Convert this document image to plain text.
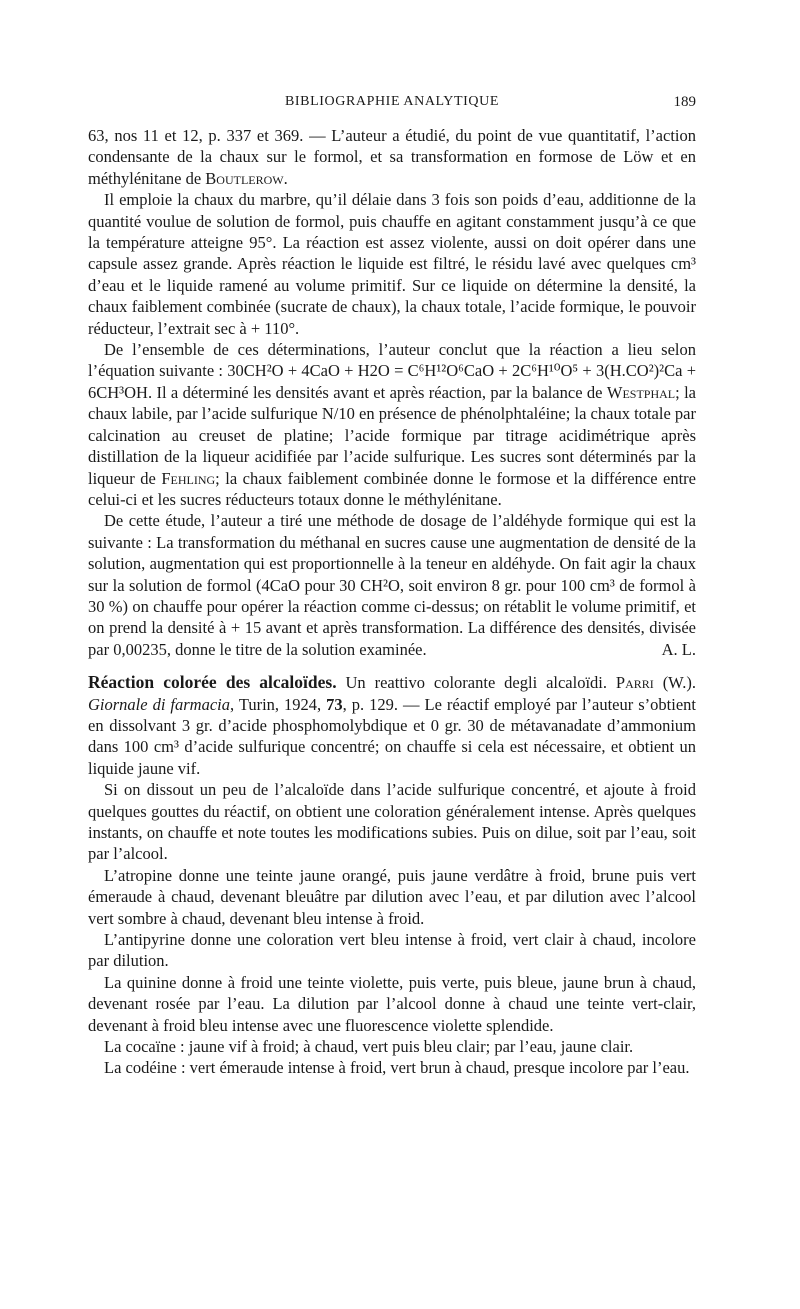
BIBLIOGRAPHIE ANALYTIQUE	189

63, nos 11 et 12, p. 337 et 369. — L’auteur a étudié, du point de vue quantitatif, l’action condensante de la chaux sur le formol, et sa transformation en formose de Löw et en méthylénitane de Boutlerow.

Il emploie la chaux du marbre, qu’il délaie dans 3 fois son poids d’eau, additionne de la quantité voulue de solution de formol, puis chauffe en agitant constamment jusqu’à ce que la température atteigne 95°. La réaction est assez violente, aussi on doit opérer dans une capsule assez grande. Après réaction le liquide est filtré, le résidu lavé avec quelques cm³ d’eau et le liquide ramené au volume primitif. Sur ce liquide on détermine la densité, la chaux faiblement combinée (sucrate de chaux), la chaux totale, l’acide formique, le pouvoir réducteur, l’extrait sec à + 110°.

De l’ensemble de ces déterminations, l’auteur conclut que la réaction a lieu selon l’équation suivante : 30CH²O + 4CaO + H2O = C⁶H¹²O⁶CaO + 2C⁶H¹⁰O⁵ + 3(H.CO²)²Ca + 6CH³OH. Il a déterminé les densités avant et après réaction, par la balance de Westphal; la chaux labile, par l’acide sulfurique N/10 en présence de phénolphtaléine; la chaux totale par calcination au creuset de platine; l’acide formique par titrage acidimétrique après distillation de la liqueur acidifiée par l’acide sulfurique. Les sucres sont déterminés par la liqueur de Fehling; la chaux faiblement combinée donne le formose et la différence entre celui-ci et les sucres réducteurs totaux donne le méthylénitane.

De cette étude, l’auteur a tiré une méthode de dosage de l’aldéhyde formique qui est la suivante : La transformation du méthanal en sucres cause une augmentation de densité de la solution, augmentation qui est proportionnelle à la teneur en aldéhyde. On fait agir la chaux sur la solution de formol (4CaO pour 30 CH²O, soit environ 8 gr. pour 100 cm³ de formol à 30 %) on chauffe pour opérer la réaction comme ci-dessus; on rétablit le volume primitif, et on prend la densité à + 15 avant et après transformation. La différence des densités, divisée par 0,00235, donne le titre de la solution examinée.	A. L.

Réaction colorée des alcaloïdes. Un reattivo colorante degli alcaloïdi. Parri (W.). Giornale di farmacia, Turin, 1924, 73, p. 129. — Le réactif employé par l’auteur s’obtient en dissolvant 3 gr. d’acide phosphomolybdique et 0 gr. 30 de métavanadate d’ammonium dans 100 cm³ d’acide sulfurique concentré; on chauffe si cela est nécessaire, et obtient un liquide jaune vif.

Si on dissout un peu de l’alcaloïde dans l’acide sulfurique concentré, et ajoute à froid quelques gouttes du réactif, on obtient une coloration généralement intense. Après quelques instants, on chauffe et note toutes les modifications subies. Puis on dilue, soit par l’eau, soit par l’alcool.

L’atropine donne une teinte jaune orangé, puis jaune verdâtre à froid, brune puis vert émeraude à chaud, devenant bleuâtre par dilution avec l’eau, et par dilution avec l’alcool vert sombre à chaud, devenant bleu intense à froid.

L’antipyrine donne une coloration vert bleu intense à froid, vert clair à chaud, incolore par dilution.

La quinine donne à froid une teinte violette, puis verte, puis bleue, jaune brun à chaud, devenant rosée par l’eau. La dilution par l’alcool donne à chaud une teinte vert-clair, devenant à froid bleu intense avec une fluorescence violette splendide.

La cocaïne : jaune vif à froid; à chaud, vert puis bleu clair; par l’eau, jaune clair.

La codéine : vert émeraude intense à froid, vert brun à chaud, presque incolore par l’eau.
